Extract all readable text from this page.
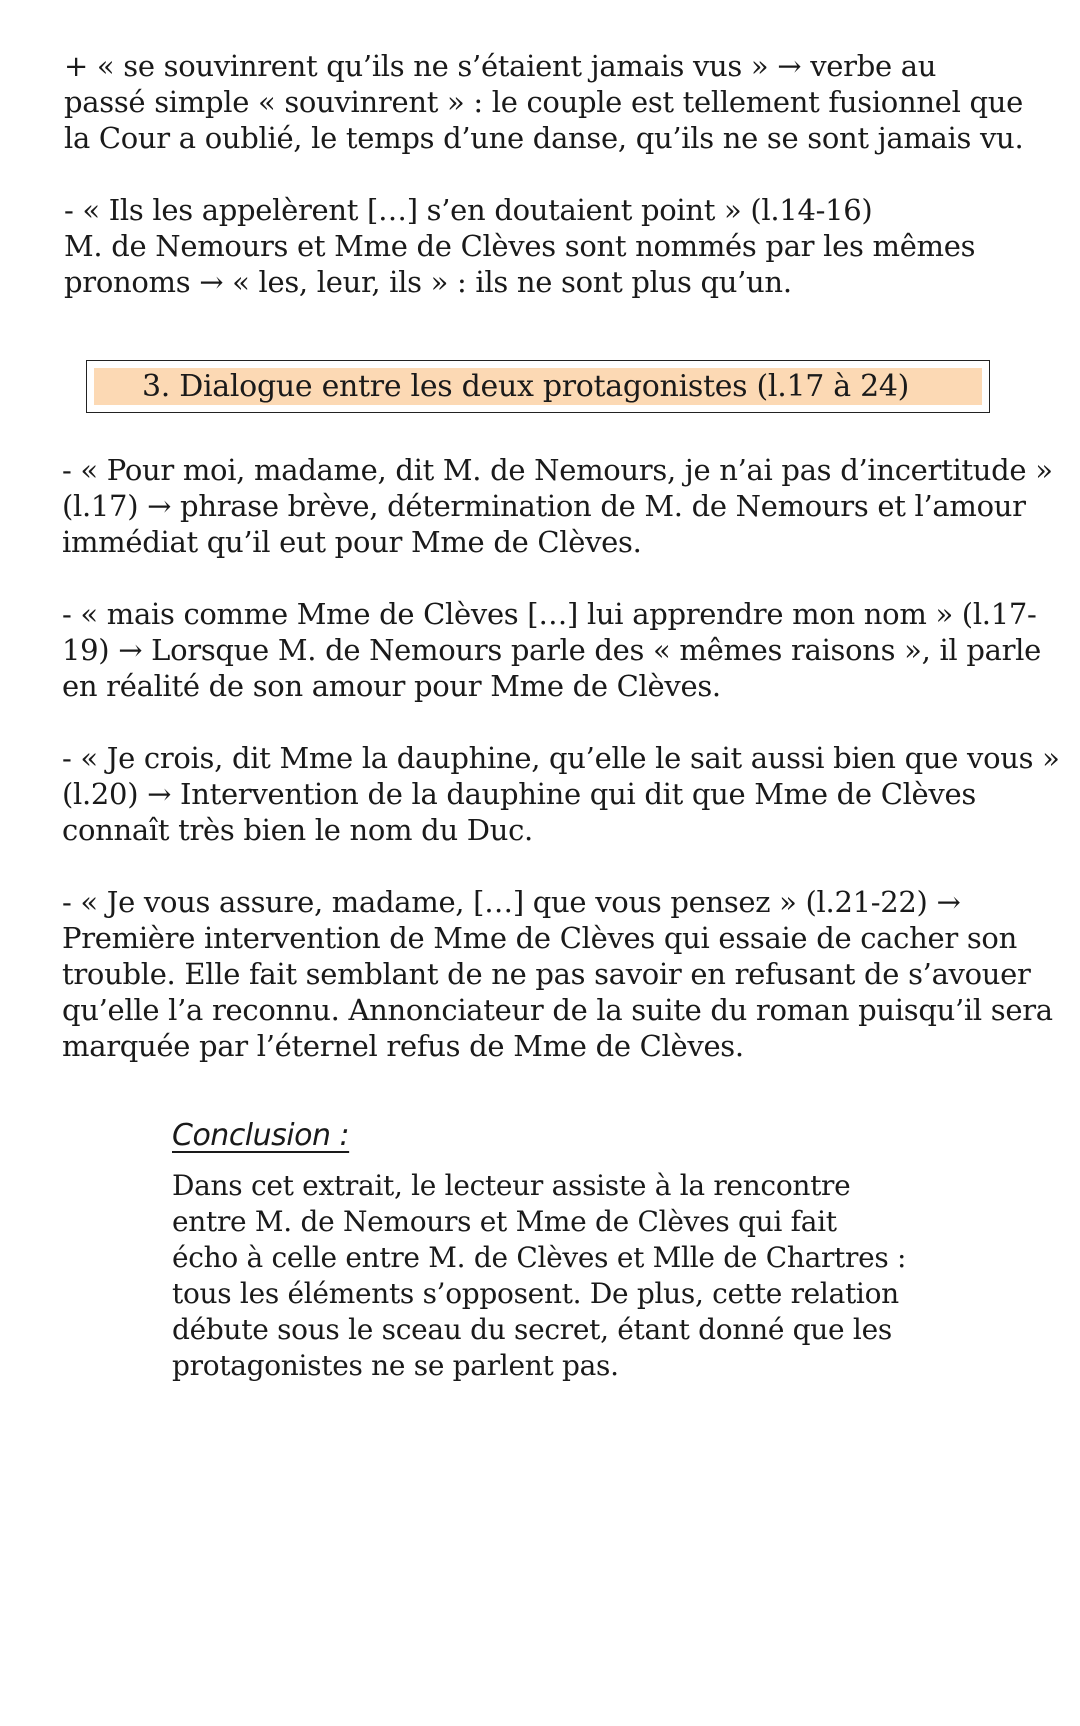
+ « se souvinrent qu’ils ne s’étaient jamais vus » → verbe au
passé simple « souvinrent » : le couple est tellement fusionnel que
la Cour a oublié, le temps d’une danse, qu’ils ne se sont jamais vu.

- « Ils les appelèrent […] s’en doutaient point » (l.14-16)
M. de Nemours et Mme de Clèves sont nommés par les mêmes
pronoms → « les, leur, ils » : ils ne sont plus qu’un.

3. Dialogue entre les deux protagonistes (l.17 à 24)

- « Pour moi, madame, dit M. de Nemours, je n’ai pas d’incertitude »
(l.17) → phrase brève, détermination de M. de Nemours et l’amour
immédiat qu’il eut pour Mme de Clèves.

- « mais comme Mme de Clèves […] lui apprendre mon nom » (l.17-
19) → Lorsque M. de Nemours parle des « mêmes raisons », il parle
en réalité de son amour pour Mme de Clèves.

- « Je crois, dit Mme la dauphine, qu’elle le sait aussi bien que vous »
(l.20) → Intervention de la dauphine qui dit que Mme de Clèves
connaît très bien le nom du Duc.

- « Je vous assure, madame, […] que vous pensez » (l.21-22) →
Première intervention de Mme de Clèves qui essaie de cacher son
trouble. Elle fait semblant de ne pas savoir en refusant de s’avouer
qu’elle l’a reconnu. Annonciateur de la suite du roman puisqu’il sera
marquée par l’éternel refus de Mme de Clèves.

Conclusion :

Dans cet extrait, le lecteur assiste à la rencontre
entre M. de Nemours et Mme de Clèves qui fait
écho à celle entre M. de Clèves et Mlle de Chartres :
tous les éléments s’opposent. De plus, cette relation
débute sous le sceau du secret, étant donné que les
protagonistes ne se parlent pas.
